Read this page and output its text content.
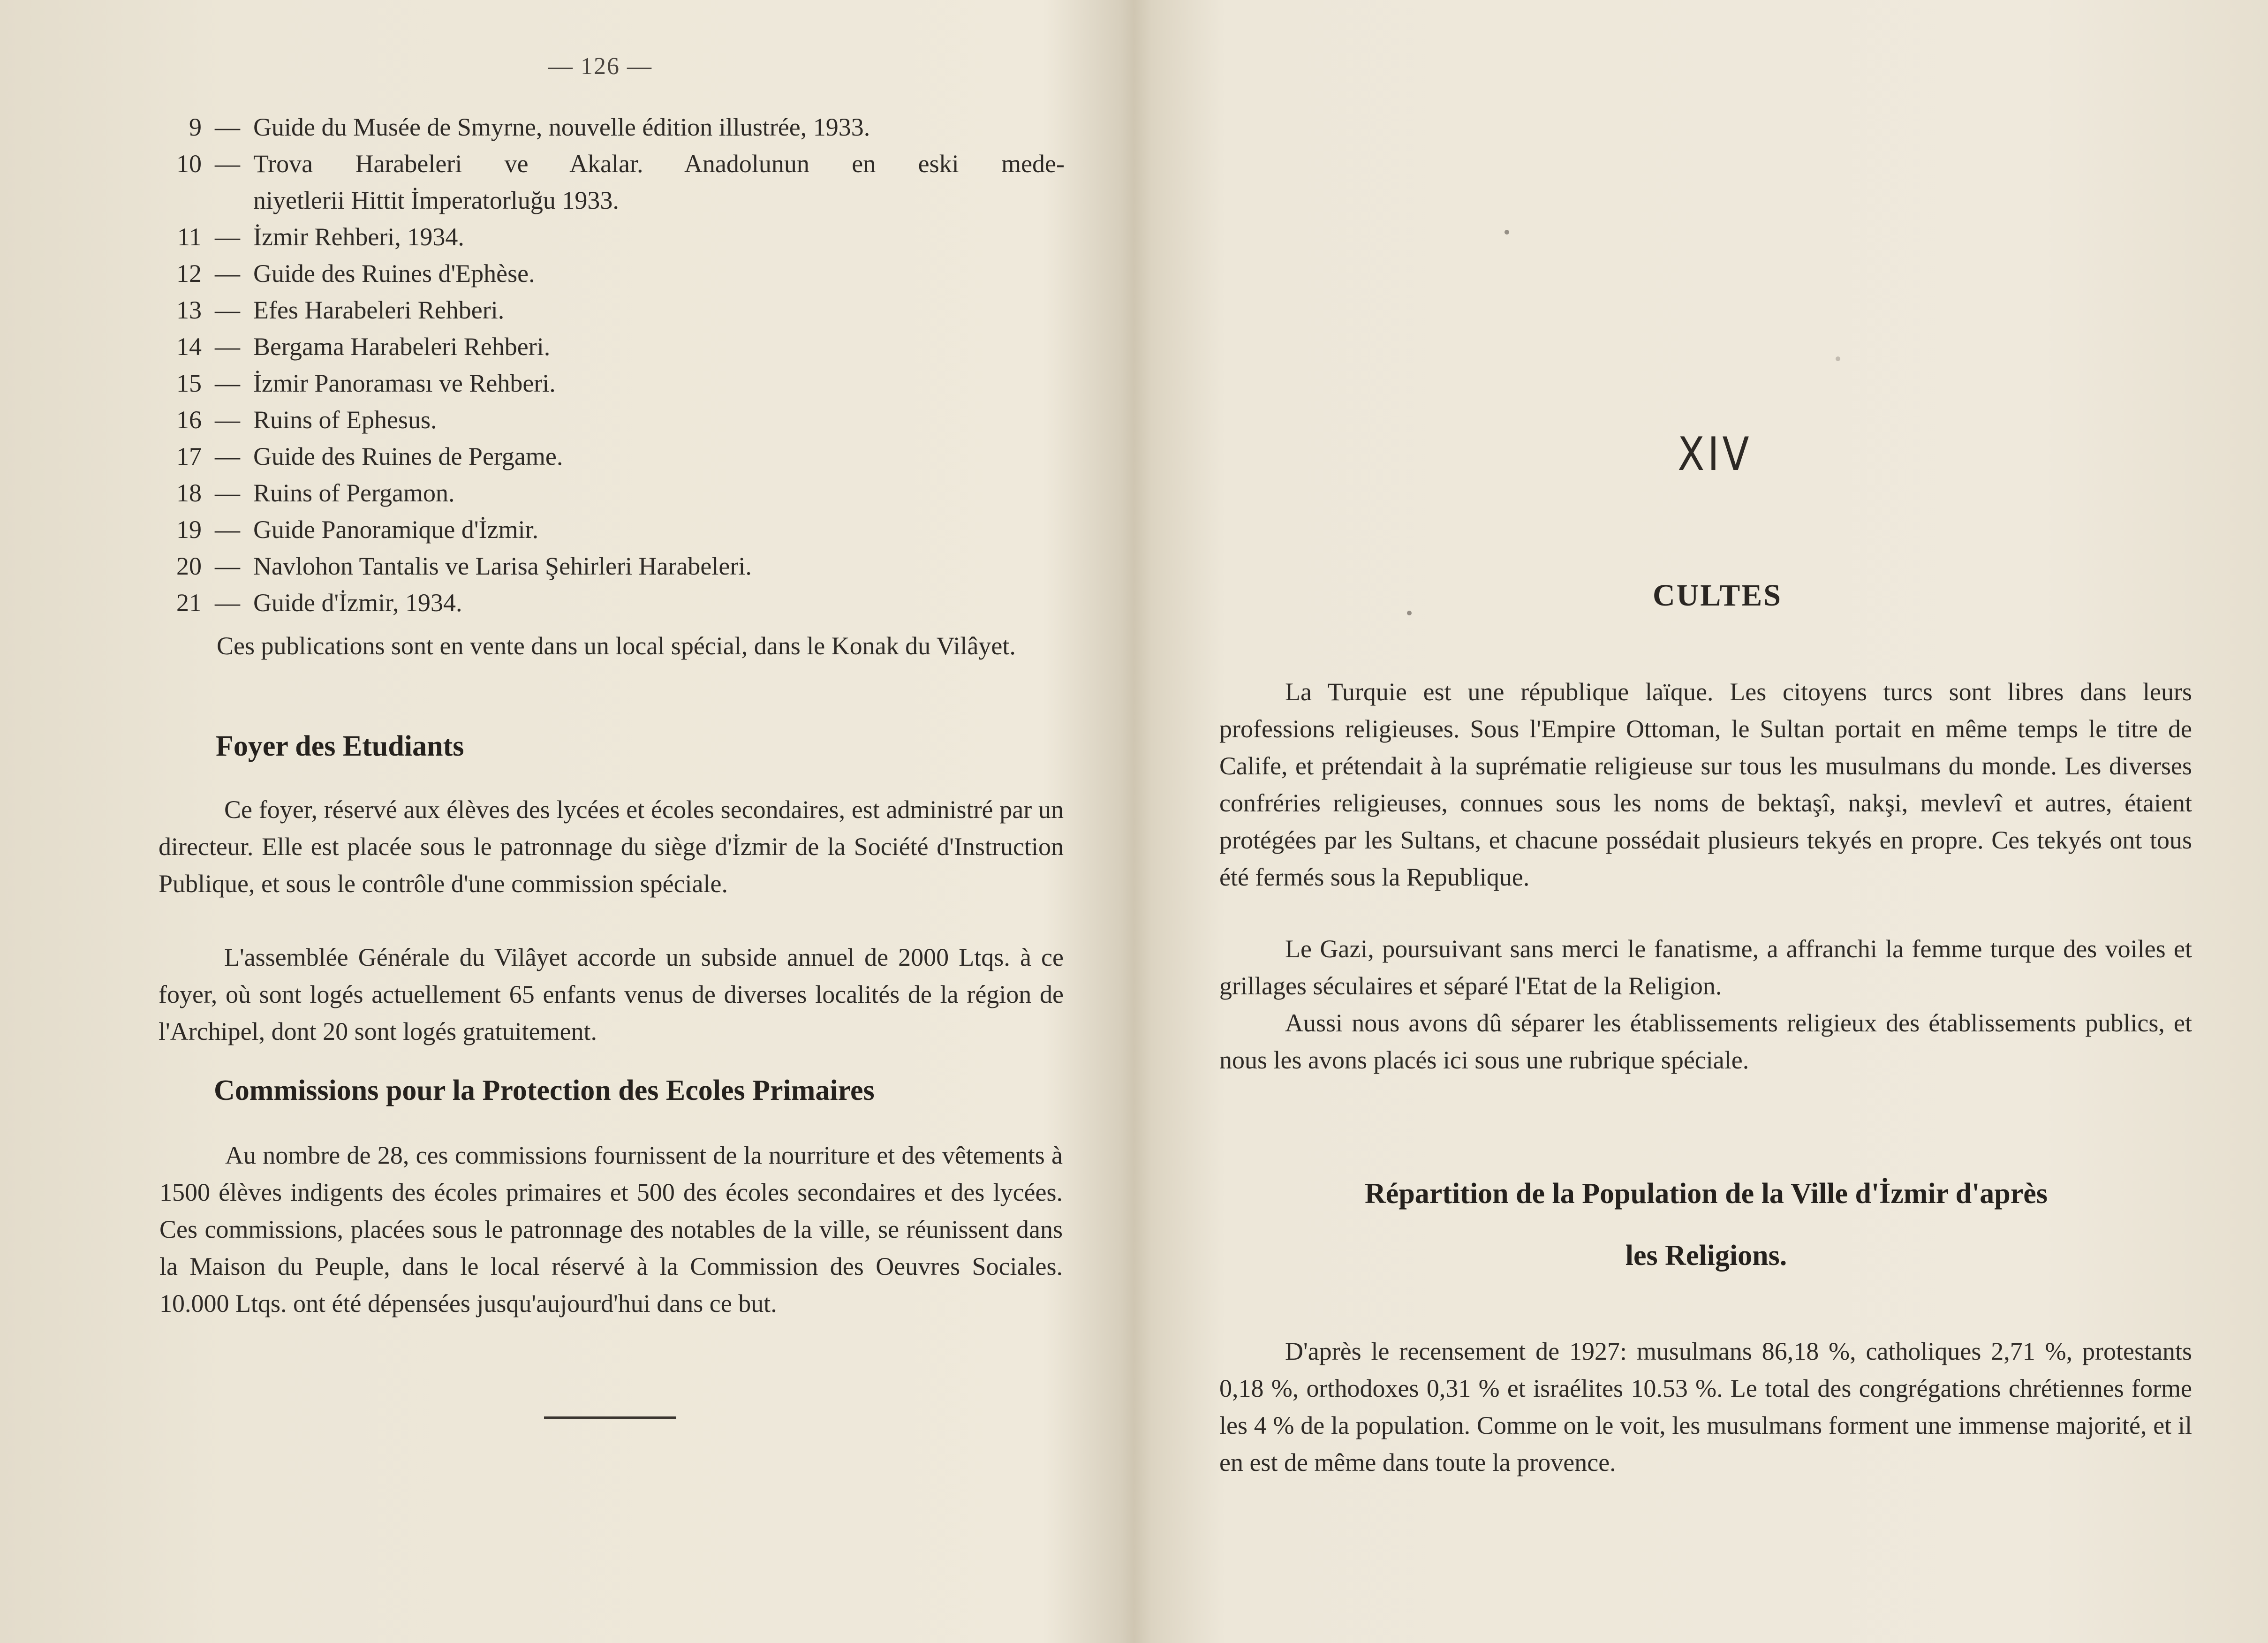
— 126 —
9 — Guide du Musée de Smyrne, nouvelle édition illustrée, 1933.
10 — Trova Harabeleri ve Akalar. Anadolunun en eski mede-
niyetlerii Hittit İmperatorluğu 1933.
11 — İzmir Rehberi, 1934.
12 — Guide des Ruines d'Ephèse.
13 — Efes Harabeleri Rehberi.
14 — Bergama Harabeleri Rehberi.
15 — İzmir Panoraması ve Rehberi.
16 — Ruins of Ephesus.
17 — Guide des Ruines de Pergame.
18 — Ruins of Pergamon.
19 — Guide Panoramique d'İzmir.
20 — Navlohon Tantalis ve Larisa Şehirleri Harabeleri.
21 — Guide d'İzmir, 1934.

Ces publications sont en vente dans un local spécial, dans le Konak du Vilâyet.

Foyer des Etudiants

Ce foyer, réservé aux élèves des lycées et écoles secondaires, est administré par un directeur. Elle est placée sous le patronnage du siège d'İzmir de la Société d'Instruction Publique, et sous le contrôle d'une commission spéciale.

L'assemblée Générale du Vilâyet accorde un subside annuel de 2000 Ltqs. à ce foyer, où sont logés actuellement 65 enfants venus de diverses localités de la région de l'Archipel, dont 20 sont logés gratuitement.

Commissions pour la Protection des Ecoles Primaires

Au nombre de 28, ces commissions fournissent de la nourriture et des vêtements à 1500 élèves indigents des écoles primaires et 500 des écoles secondaires et des lycées. Ces commissions, placées sous le patronnage des notables de la ville, se réunissent dans la Maison du Peuple, dans le local réservé à la Commission des Oeuvres Sociales. 10.000 Ltqs. ont été dépensées jusqu'aujourd'hui dans ce but.

XIV
CULTES

La Turquie est une république laïque. Les citoyens turcs sont libres dans leurs professions religieuses. Sous l'Empire Ottoman, le Sultan portait en même temps le titre de Calife, et prétendait à la suprématie religieuse sur tous les musulmans du monde. Les diverses confréries religieuses, connues sous les noms de bektaşî, nakşi, mevlevî et autres, étaient protégées par les Sultans, et chacune possédait plusieurs tekyés en propre. Ces tekyés ont tous été fermés sous la Republique.

Le Gazi, poursuivant sans merci le fanatisme, a affranchi la femme turque des voiles et grillages séculaires et séparé l'Etat de la Religion.

Aussi nous avons dû séparer les établissements religieux des établissements publics, et nous les avons placés ici sous une rubrique spéciale.

Répartition de la Population de la Ville d'İzmir d'après
les Religions.

D'après le recensement de 1927: musulmans 86,18 %, catholiques 2,71 %, protestants 0,18 %, orthodoxes 0,31 % et israélites 10.53 %. Le total des congrégations chrétiennes forme les 4 % de la population. Comme on le voit, les musulmans forment une immense majorité, et il en est de même dans toute la provence.
